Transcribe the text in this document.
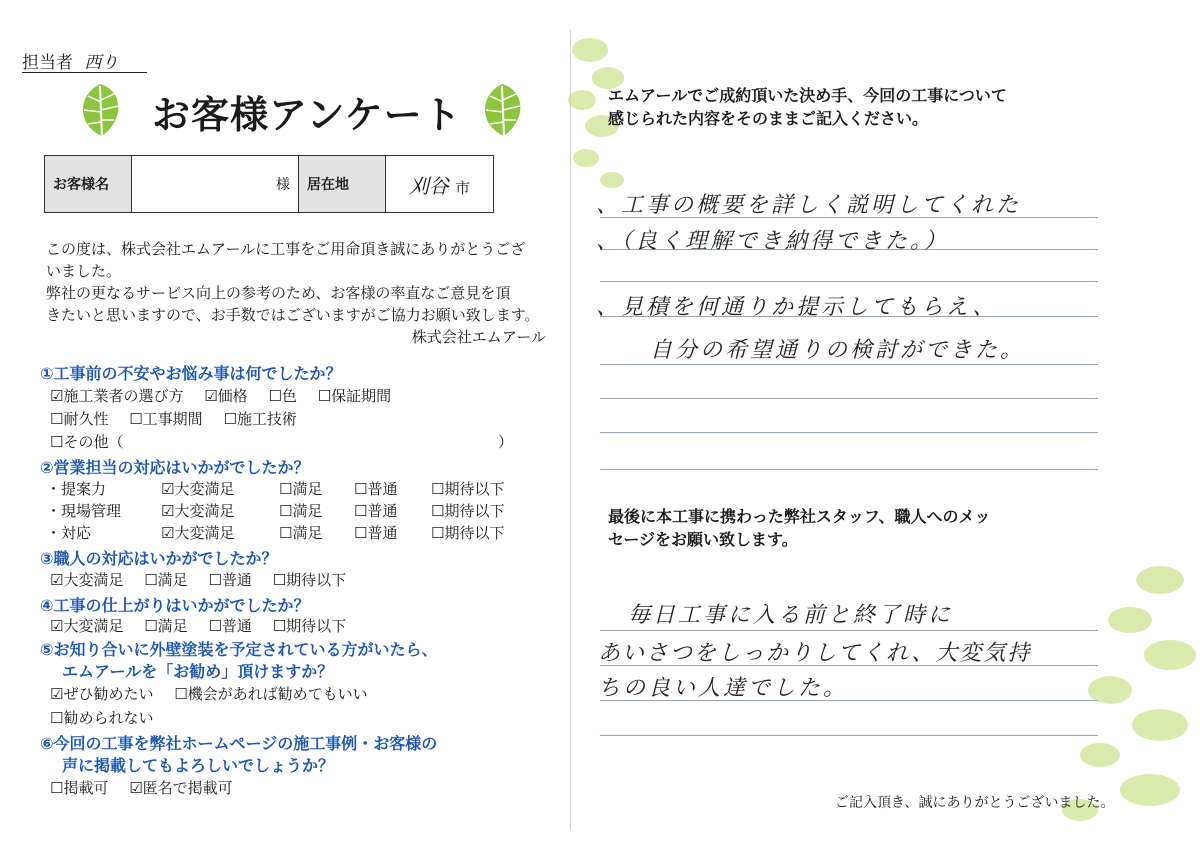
担当者 西り
お客様アンケート
お客様名	様	居在地	刈谷 市
この度は、株式会社エムアールに工事をご用命頂き誠にありがとうござ
いました。
弊社の更なるサービス向上の参考のため、お客様の率直なご意見を頂
きたいと思いますので、お手数ではございますがご協力お願い致します。
株式会社エムアール
①工事前の不安やお悩み事は何でしたか？
☑施工業者の選び方 ☑価格 ☐色 ☐保証期間
☐耐久性 ☐工事期間 ☐施工技術
☐その他（	）
②営業担当の対応はいかがでしたか？
・提案力	☑大変満足	☐満足 ☐普通 ☐期待以下
・現場管理	☑大変満足	☐満足 ☐普通 ☐期待以下
・対応	☑大変満足	☐満足 ☐普通 ☐期待以下
③職人の対応はいかがでしたか？
☑大変満足 ☐満足 ☐普通 ☐期待以下
④工事の仕上がりはいかがでしたか？
☑大変満足 ☐満足 ☐普通 ☐期待以下
⑤お知り合いに外壁塗装を予定されている方がいたら、
エムアールを「お勧め」頂けますか？
☑ぜひ勧めたい ☐機会があれば勧めてもいい
☐勧められない
⑥今回の工事を弊社ホームページの施工事例・お客様の
声に掲載してもよろしいでしょうか？
☐掲載可 ☑匿名で掲載可
エムアールでご成約頂いた決め手、今回の工事について
感じられた内容をそのままご記入ください。
、工事の概要を詳しく説明してくれた
、（良く理解でき納得できた。）
、見積を何通りか提示してもらえ、
自分の希望通りの検討ができた。
最後に本工事に携わった弊社スタッフ、職人へのメッ
セージをお願い致します。
毎日工事に入る前と終了時に
あいさつをしっかりしてくれ、大変気持
ちの良い人達でした。
ご記入頂き、誠にありがとうございました。
